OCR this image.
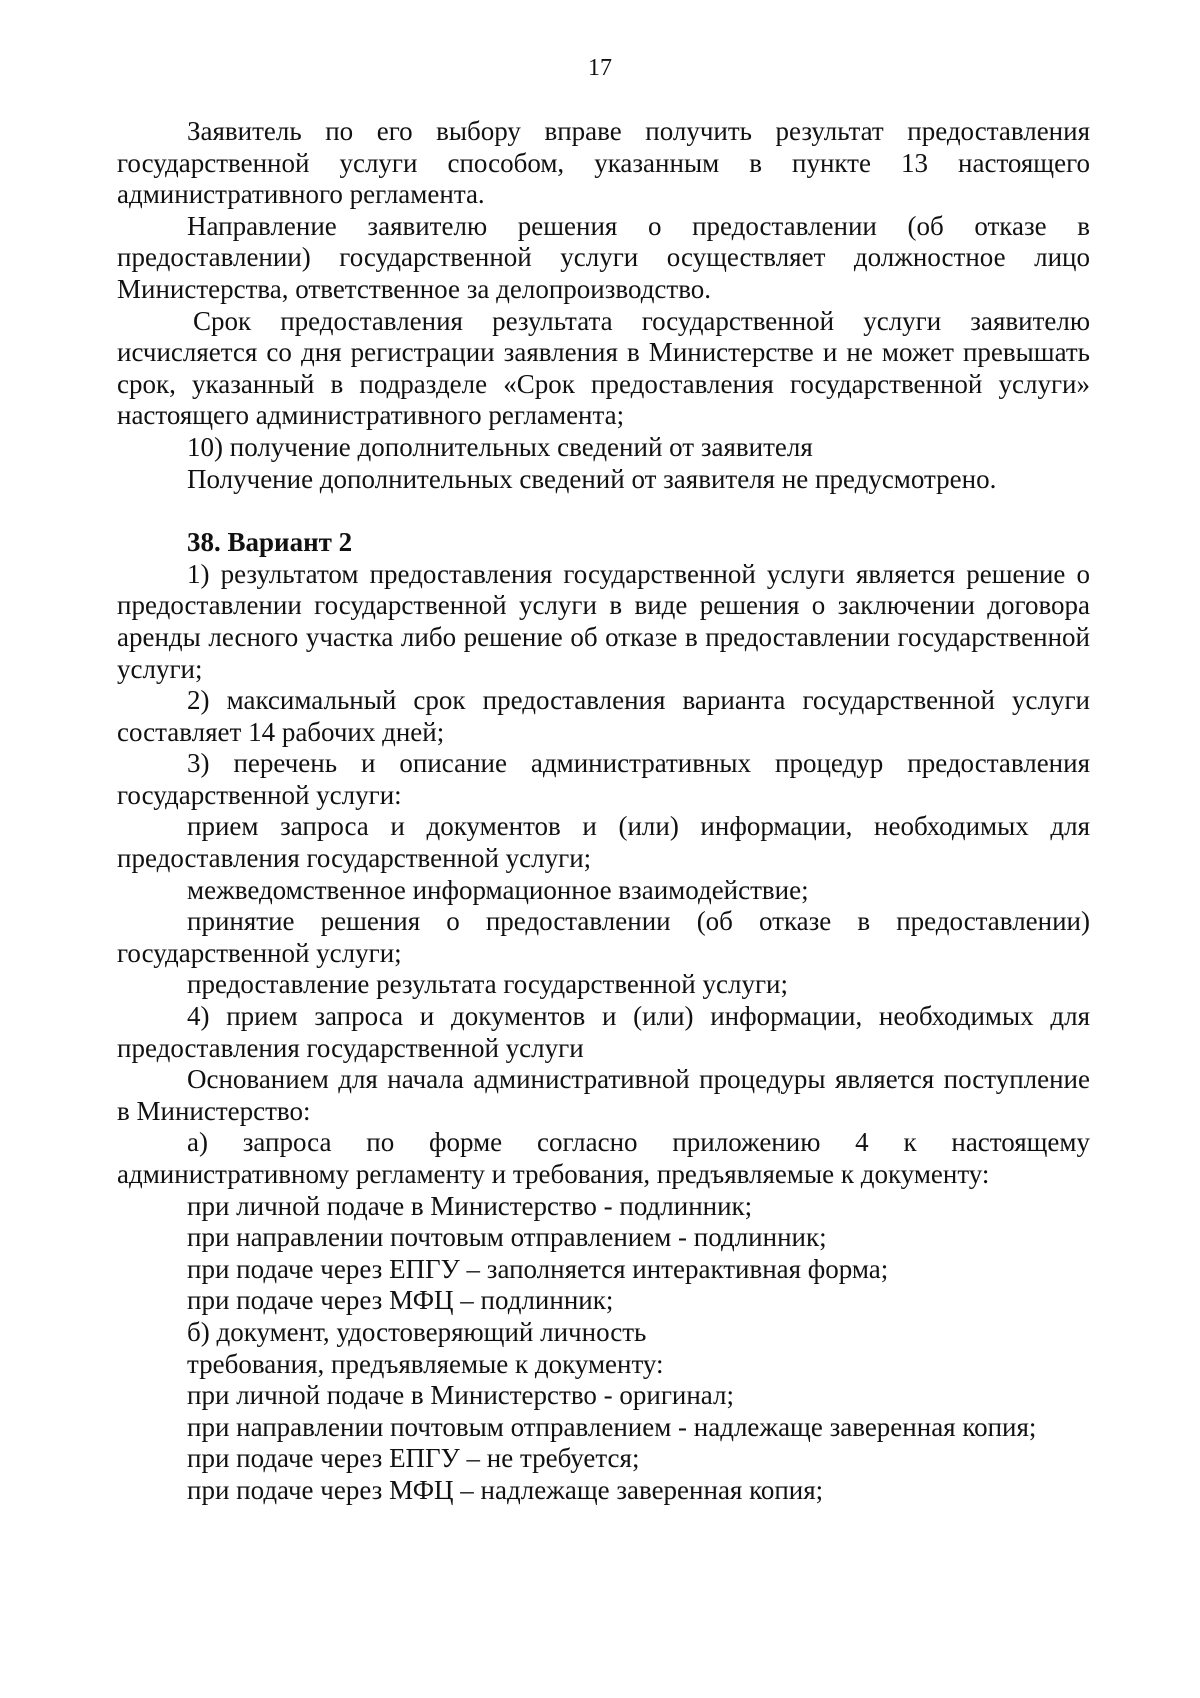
17

Заявитель по его выбору вправе получить результат предоставления государственной услуги способом, указанным в пункте 13 настоящего административного регламента.

Направление заявителю решения о предоставлении (об отказе в предоставлении) государственной услуги осуществляет должностное лицо Министерства, ответственное за делопроизводство.

Срок предоставления результата государственной услуги заявителю исчисляется со дня регистрации заявления в Министерстве и не может превышать срок, указанный в подразделе «Срок предоставления государственной услуги» настоящего административного регламента;

10) получение дополнительных сведений от заявителя

Получение дополнительных сведений от заявителя не предусмотрено.

38. Вариант 2

1) результатом предоставления государственной услуги является решение о предоставлении государственной услуги в виде решения о заключении договора аренды лесного участка либо решение об отказе в предоставлении государственной услуги;

2) максимальный срок предоставления варианта государственной услуги составляет 14 рабочих дней;

3) перечень и описание административных процедур предоставления государственной услуги:

прием запроса и документов и (или) информации, необходимых для предоставления государственной услуги;

межведомственное информационное взаимодействие;

принятие решения о предоставлении (об отказе в предоставлении) государственной услуги;

предоставление результата государственной услуги;

4) прием запроса и документов и (или) информации, необходимых для предоставления государственной услуги

Основанием для начала административной процедуры является поступление в Министерство:

а) запроса по форме согласно приложению 4 к настоящему административному регламенту и требования, предъявляемые к документу:

при личной подаче в Министерство - подлинник;

при направлении почтовым отправлением - подлинник;

при подаче через ЕПГУ – заполняется интерактивная форма;

при подаче через МФЦ – подлинник;

б) документ, удостоверяющий личность

требования, предъявляемые к документу:

при личной подаче в Министерство - оригинал;

при направлении почтовым отправлением - надлежаще заверенная копия;

при подаче через ЕПГУ – не требуется;

при подаче через МФЦ – надлежаще заверенная копия;
